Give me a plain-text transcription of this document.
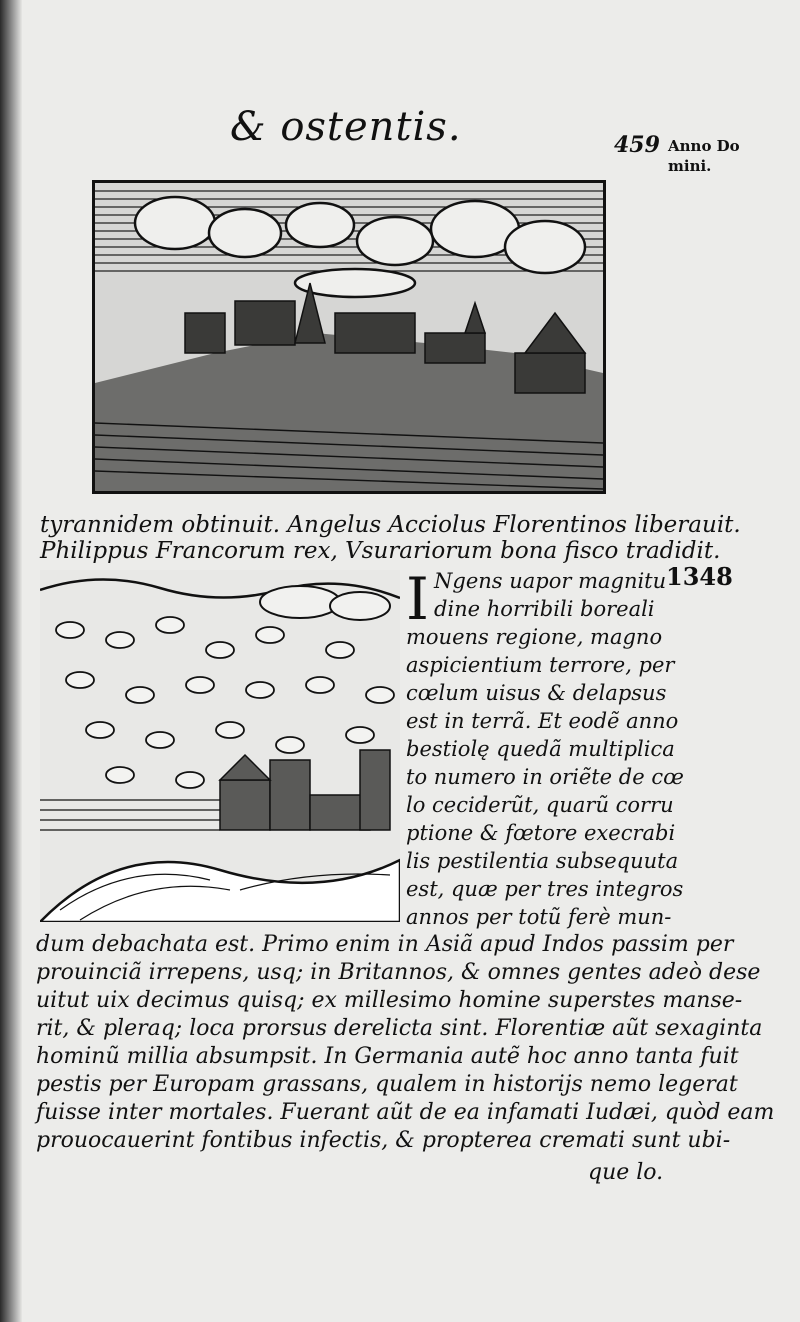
& ostentis.	459 Anno Do
mini.
tyrannidem obtinuit. Angelus Acciolus Florentinos liberauit.
Philippus Francorum rex, Vsurariorum bona fisco tradidit.
1348
I Ngens uapor magnitu
dine horribili boreali
mouens regione, magno
aspicientium terrore, per
cœlum uisus & delapsus
est in terrã. Et eodẽ anno
bestiolę quedã multiplica
to numero in oriẽte de cœ
lo ceciderũt, quarũ corru
ptione & fœtore execrabi
lis pestilentia subsequuta
est, quæ per tres integros
annos per totũ ferè mun-
dum debachata est. Primo enim in Asiã apud Indos passim per
prouinciã irrepens, usq; in Britannos, & omnes gentes adeò dese
uitut uix decimus quisq; ex millesimo homine superstes manse-
rit, & pleraq; loca prorsus derelicta sint. Florentiæ aũt sexaginta
hominũ millia absumpsit. In Germania autẽ hoc anno tanta fuit
pestis per Europam grassans, qualem in historijs nemo legerat
fuisse inter mortales. Fuerant aũt de ea infamati Iudæi, quòd eam
prouocauerint fontibus infectis, & propterea cremati sunt ubi-
que lo.
